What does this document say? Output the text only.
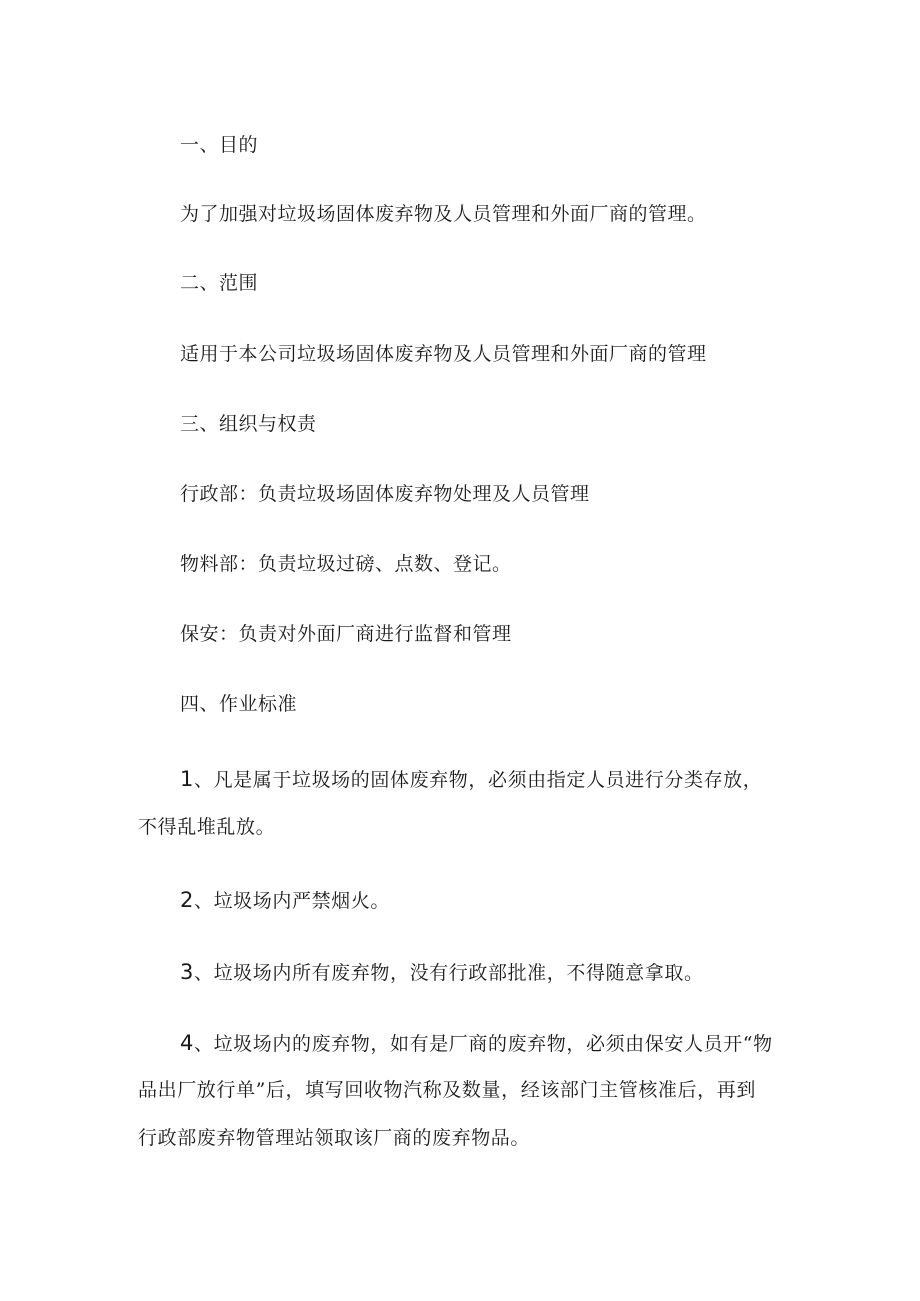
一、目的
为了加强对垃圾场固体废弃物及人员管理和外面厂商的管理。
二、范围
适用于本公司垃圾场固体废弃物及人员管理和外面厂商的管理
三、组织与权责
行政部：负责垃圾场固体废弃物处理及人员管理
物料部：负责垃圾过磅、点数、登记。
保安：负责对外面厂商进行监督和管理
四、作业标准
1、凡是属于垃圾场的固体废弃物，必须由指定人员进行分类存放，
不得乱堆乱放。
2、垃圾场内严禁烟火。
3、垃圾场内所有废弃物，没有行政部批准，不得随意拿取。
4、垃圾场内的废弃物，如有是厂商的废弃物，必须由保安人员开“物
品出厂放行单”后，填写回收物汽称及数量，经该部门主管核准后，再到
行政部废弃物管理站领取该厂商的废弃物品。
